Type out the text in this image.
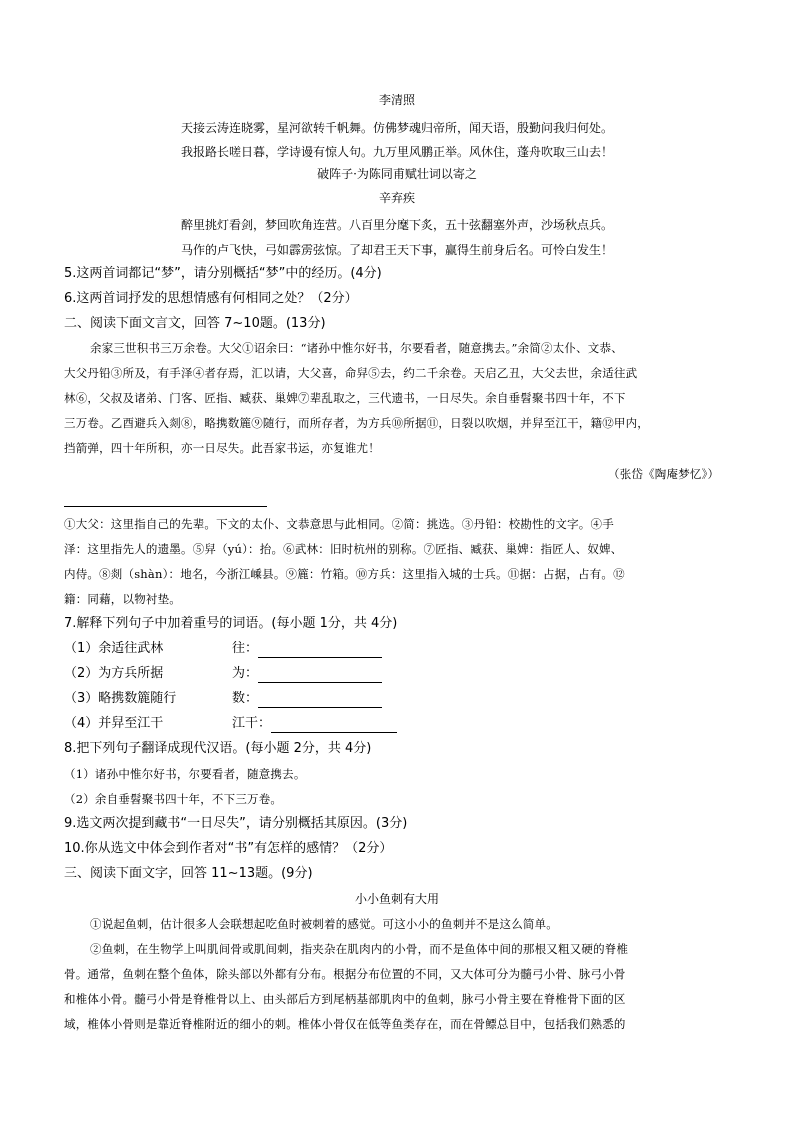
李清照
天接云涛连晓雾，星河欲转千帆舞。仿佛梦魂归帝所，闻天语，殷勤问我归何处。
我报路长嗟日暮，学诗谩有惊人句。九万里风鹏正举。风休住，蓬舟吹取三山去！
破阵子·为陈同甫赋壮词以寄之
辛弃疾
醉里挑灯看剑，梦回吹角连营。八百里分麾下炙，五十弦翻塞外声，沙场秋点兵。
马作的卢飞快，弓如霹雳弦惊。了却君王天下事，赢得生前身后名。可怜白发生！
5.这两首词都记“梦”，请分别概括“梦”中的经历。(4分)
6.这两首词抒发的思想情感有何相同之处？（2分）
二、阅读下面文言文，回答 7~10题。(13分)
余家三世积书三万余卷。大父①诏余曰：“诸孙中惟尔好书，尔要看者，随意携去。”余简②太仆、文恭、
大父丹铅③所及，有手泽④者存焉，汇以请，大父喜，命舁⑤去，约二千余卷。天启乙丑，大父去世，余适往武
林⑥，父叔及诸弟、门客、匠指、臧获、巢婢⑦辈乱取之，三代遗书，一日尽失。余自垂髫聚书四十年，不下
三万卷。乙酉避兵入剡⑧，略携数簏⑨随行，而所存者，为方兵⑩所据⑪，日裂以吹烟，并舁至江干，籍⑫甲内，
挡箭弹，四十年所积，亦一日尽失。此吾家书运，亦复谁尤！
（张岱《陶庵梦忆》）
①大父：这里指自己的先辈。下文的太仆、文恭意思与此相同。②简：挑选。③丹铅：校勘性的文字。④手
泽：这里指先人的遗墨。⑤舁（yú）：抬。⑥武林：旧时杭州的别称。⑦匠指、臧获、巢婢：指匠人、奴婢、
内侍。⑧剡（shàn）：地名，今浙江嵊县。⑨簏：竹箱。⑩方兵：这里指入城的士兵。⑪据：占据，占有。⑫
籍：同藉，以物衬垫。
7.解释下列句子中加着重号的词语。(每小题 1分，共 4分)
（1）余适往武林	往：
（2）为方兵所据	为：
（3）略携数簏随行	数：
（4）并舁至江干	江干：
8.把下列句子翻译成现代汉语。(每小题 2分，共 4分)
（1）诸孙中惟尔好书，尔要看者，随意携去。
（2）余自垂髫聚书四十年，不下三万卷。
9.选文两次提到藏书“一日尽失”，请分别概括其原因。(3分)
10.你从选文中体会到作者对“书”有怎样的感情？（2分）
三、阅读下面文字，回答 11~13题。(9分)
小小鱼刺有大用
①说起鱼刺，估计很多人会联想起吃鱼时被刺着的感觉。可这小小的鱼刺并不是这么简单。
②鱼刺，在生物学上叫肌间骨或肌间刺，指夹杂在肌肉内的小骨，而不是鱼体中间的那根又粗又硬的脊椎
骨。通常，鱼刺在整个鱼体，除头部以外都有分布。根据分布位置的不同，又大体可分为髓弓小骨、脉弓小骨
和椎体小骨。髓弓小骨是脊椎骨以上、由头部后方到尾柄基部肌肉中的鱼刺，脉弓小骨主要在脊椎骨下面的区
域，椎体小骨则是靠近脊椎附近的细小的刺。椎体小骨仅在低等鱼类存在，而在骨鳔总目中，包括我们熟悉的
